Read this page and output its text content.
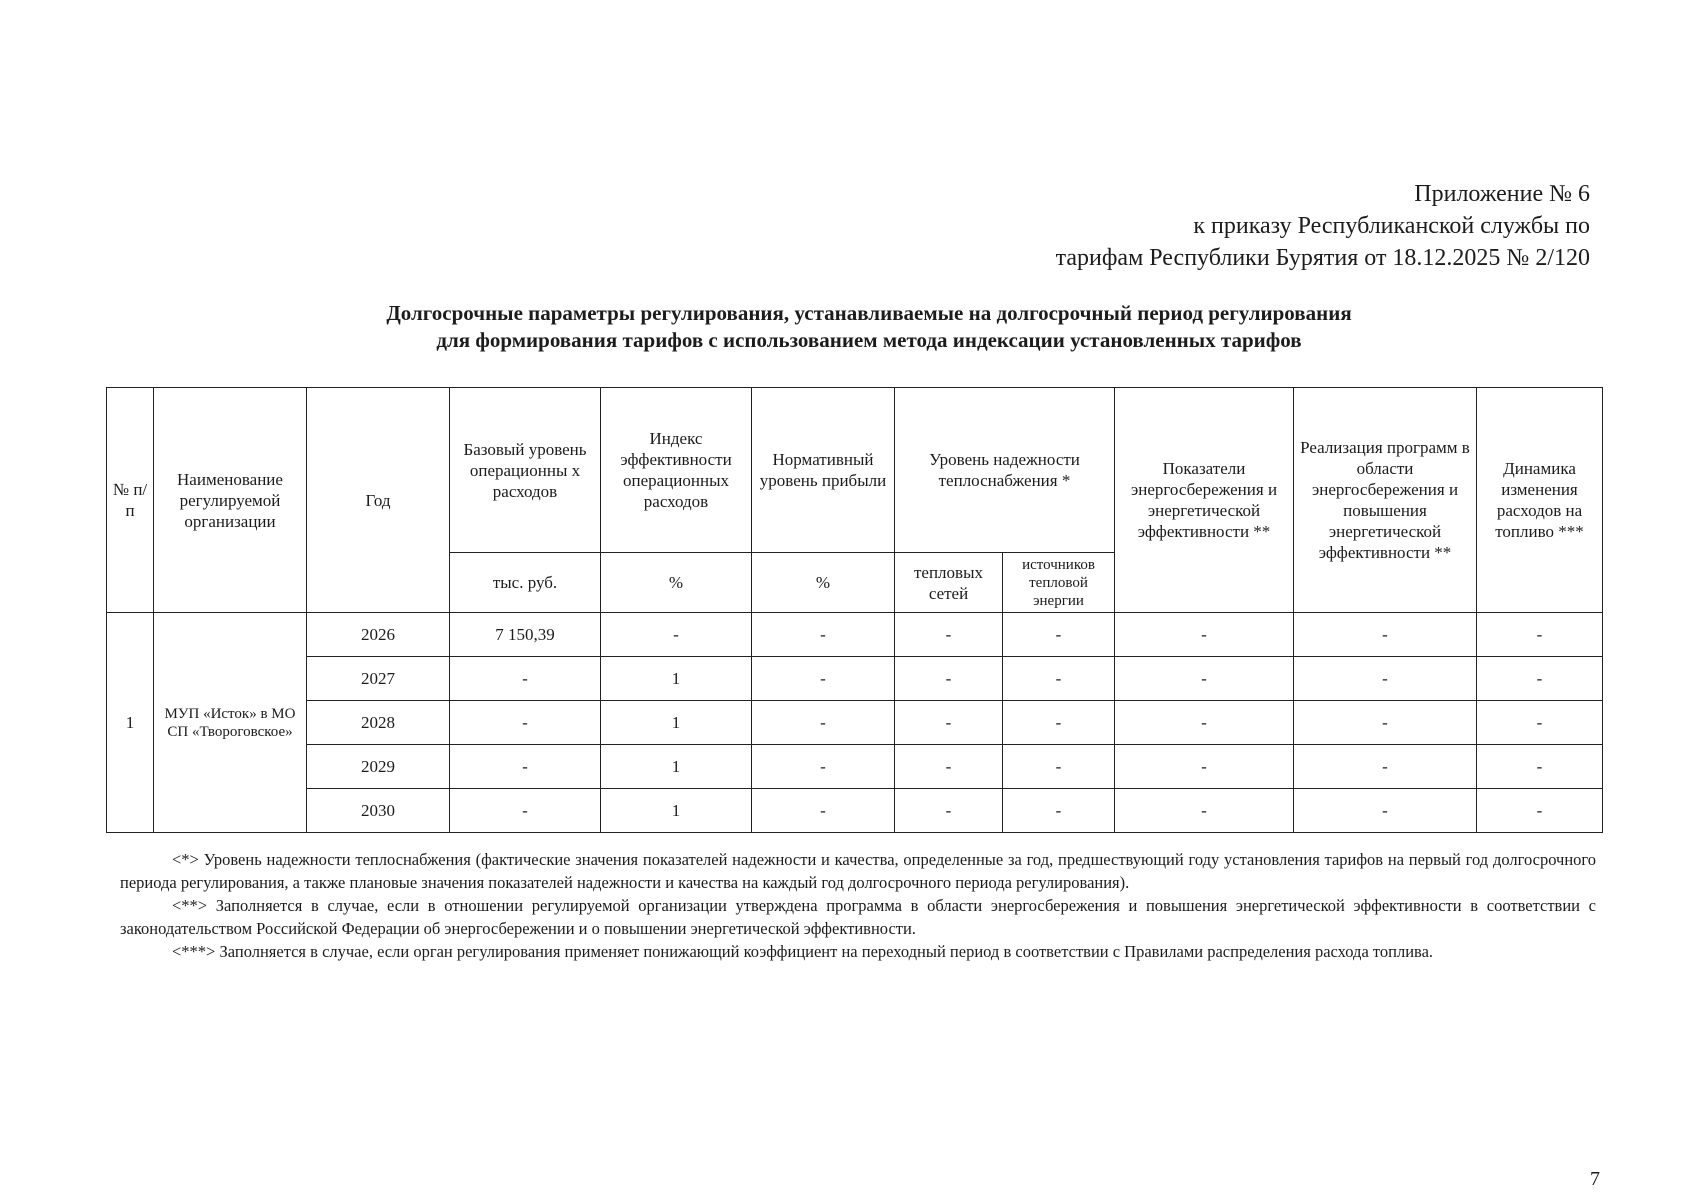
Приложение № 6
к приказу Республиканской службы по
тарифам Республики Бурятия от 18.12.2025 № 2/120
Долгосрочные параметры регулирования, устанавливаемые на долгосрочный период регулирования
для формирования тарифов с использованием метода индексации установленных тарифов
№ п/п	Наименование регулируемой организации	Год	Базовый уровень операционны х расходов	Индекс эффективности операционных расходов	Нормативный уровень прибыли	Уровень надежности теплоснабжения *		Показатели энергосбережения и энергетической эффективности **	Реализация программ в области энергосбережения и повышения энергетической эффективности **	Динамика изменения расходов на топливо ***
			тыс. руб.	%	%	тепловых сетей	источников тепловой энергии			
1	МУП «Исток» в МО СП «Твороговское»	2026	7 150,39	-	-	-	-	-	-	-
		2027	-	1	-	-	-	-	-	-
		2028	-	1	-	-	-	-	-	-
		2029	-	1	-	-	-	-	-	-
		2030	-	1	-	-	-	-	-	-

<*> Уровень надежности теплоснабжения (фактические значения показателей надежности и качества, определенные за год, предшествующий году установления тарифов на первый год долгосрочного периода регулирования, а также плановые значения показателей надежности и качества на каждый год долгосрочного периода регулирования).

<**> Заполняется в случае, если в отношении регулируемой организации утверждена программа в области энергосбережения и повышения энергетической эффективности в соответствии с законодательством Российской Федерации об энергосбережении и о повышении энергетической эффективности.

<***> Заполняется в случае, если орган регулирования применяет понижающий коэффициент на переходный период в соответствии с Правилами распределения расхода топлива.

7
